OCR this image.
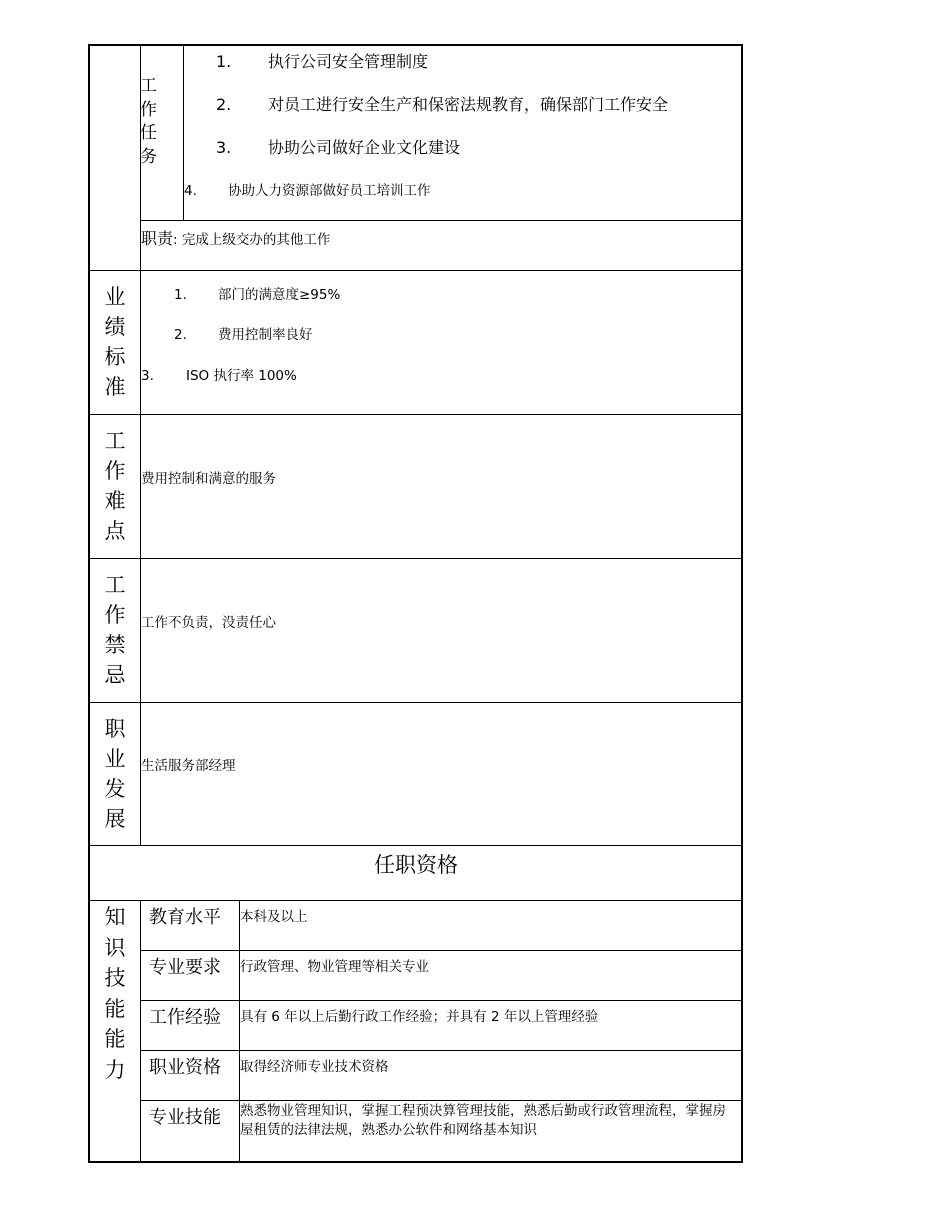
工
作
任
务
1. 执行公司安全管理制度
2. 对员工进行安全生产和保密法规教育，确保部门工作安全
3. 协助公司做好企业文化建设
4. 协助人力资源部做好员工培训工作
职责: 完成上级交办的其他工作
业
绩
标
准
1. 部门的满意度≥95%
2. 费用控制率良好
3. ISO 执行率 100%
工
作
难
点
费用控制和满意的服务
工
作
禁
忌
工作不负责，没责任心
职
业
发
展
生活服务部经理
任职资格
知
识
技
能
能
力
教育水平 本科及以上
专业要求 行政管理、物业管理等相关专业
工作经验 具有 6 年以上后勤行政工作经验；并具有 2 年以上管理经验
职业资格 取得经济师专业技术资格
专业技能 熟悉物业管理知识，掌握工程预决算管理技能，熟悉后勤或行政管理流程，掌握房屋租赁的法律法规，熟悉办公软件和网络基本知识
